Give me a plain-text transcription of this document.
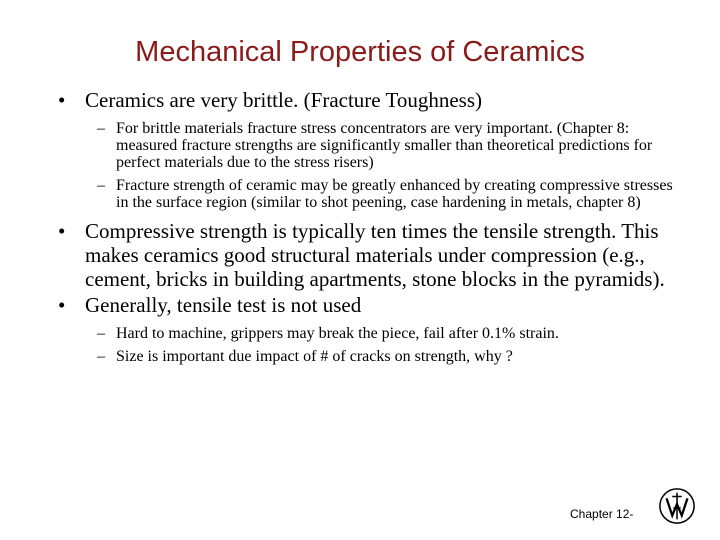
Mechanical Properties of Ceramics
• Ceramics are very brittle. (Fracture Toughness)
– For brittle materials fracture stress concentrators are very important. (Chapter 8: measured fracture strengths are significantly smaller than theoretical predictions for perfect materials due to the stress risers)
– Fracture strength of ceramic may be greatly enhanced by creating compressive stresses in the surface region (similar to shot peening, case hardening in metals, chapter 8)
• Compressive strength is typically ten times the tensile strength. This makes ceramics good structural materials under compression (e.g., cement, bricks in building apartments, stone blocks in the pyramids).
• Generally, tensile test is not used
– Hard to machine, grippers may break the piece, fail after 0.1% strain.
– Size is important due impact of # of cracks on strength, why ?
Chapter 12-
